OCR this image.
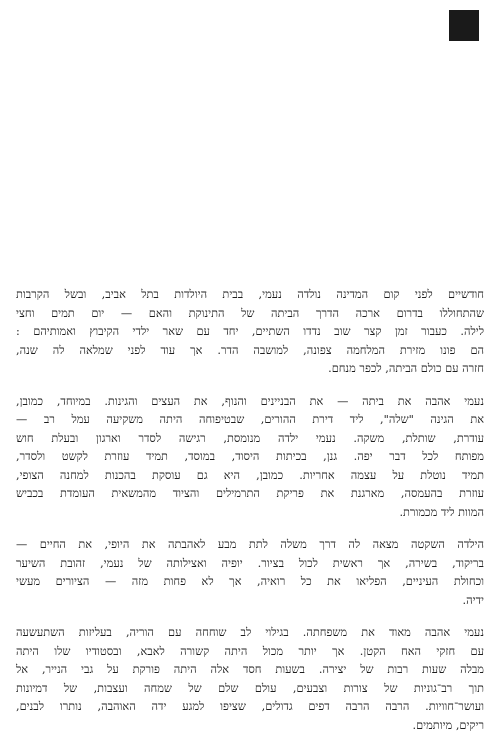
חודשיים לפני קום המדינה נולדה נעמי, בבית היולדות בתל אביב, ובשל הקרבות
שהתחוללו בדרום ארכה הדרך הביתה של התינוקת והאם — יום תמים וחצי
לילה. כעבור זמן קצר שוב נדדו השתיים, יחד עם שאר ילדי הקיבוץ ואמותיהם :
הם פונו מזירת המלחמה צפונה, למושבה הדר. אך עוד לפני שמלאה לה שנה,
חזרה עם כולם הביתה, לכפר מנחם.
נעמי אהבה את ביתה — את הבניינים והנוף, את העצים והגינות. במיוחד, כמובן,
את הגינה "שלה", ליד דירת ההורים, שבטיפוחה היתה משקיעה עמל רב —
עודרת, שותלת, משקה. נעמי ילדה מנומסת, רגישה לסדר וארגון ובעלת חוש
מפותח לכל דבר יפה. גנן, בכיתות היסוד, במוסד, תמיד עוזרת לקשט ולסדר,
תמיד נוטלת על עצמה אחריות. כמובן, היא גם עוסקת בהכנות למחנה הצופי,
עוזרת בהעמסה, מארגנת את פריקת התרמילים והציוד מהמשאית העומדת בכביש
המוות ליד מכמורת.
הילדה השקטה מצאה לה דרך משלה לתת מבע לאהבתה את היופי, את החיים —
בריקוד, בשירה, אך ראשית לכול בציור. יופיה ואצילותה של נעמי, זהובת השיער
וכחולת העיניים, הפליאו את כל רואיה, אך לא פחות מזה — הציורים מעשי
ידיה.
נעמי אהבה מאוד את משפחתה. בגילוי לב שוחחה עם הוריה, בעליזות השתעשעה
עם חזקי האח הקטן. אך יותר מכול היתה קשורה לאבא, ובסטודיו שלו היתה
מבלה שעות רבות של יצירה. בשעות חסד אלה היתה פורקת על גבי הנייר, אל
תוך רב־גוניות של צורות וצבעים, עולם שלם של שמחה ועצבות, של דמיונות
ועושר־חוויות. הרבה הרבה דפים גדולים, שציפו למגע ידה האוהבה, נותרו לבנים,
ריקים, מיותמים.
